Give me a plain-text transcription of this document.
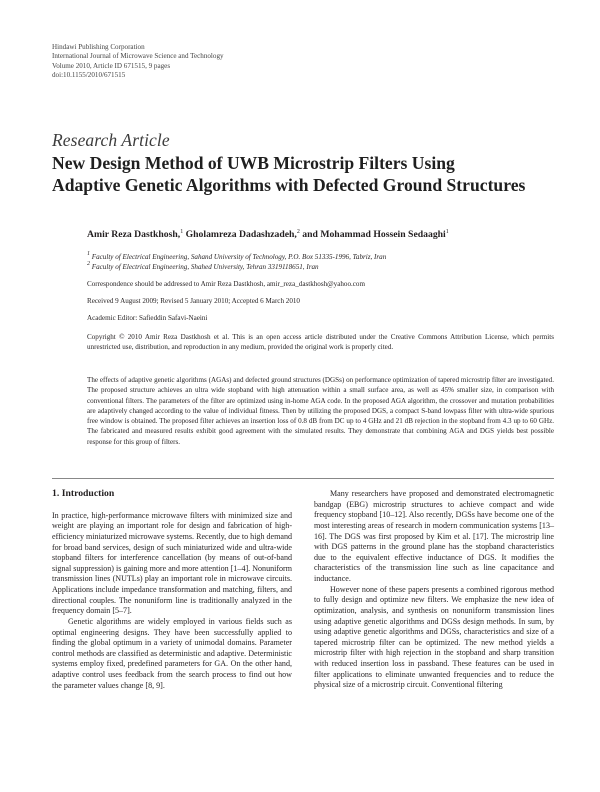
Hindawi Publishing Corporation
International Journal of Microwave Science and Technology
Volume 2010, Article ID 671515, 9 pages
doi:10.1155/2010/671515
Research Article
New Design Method of UWB Microstrip Filters Using
Adaptive Genetic Algorithms with Defected Ground Structures
Amir Reza Dastkhosh,$^1$ Gholamreza Dadashzadeh,$^2$ and Mohammad Hossein Sedaaghi$^1$
$^1$ Faculty of Electrical Engineering, Sahand University of Technology, P.O. Box 51335-1996, Tabriz, Iran
$^2$ Faculty of Electrical Engineering, Shahed University, Tehran 3319118651, Iran
Correspondence should be addressed to Amir Reza Dastkhosh, amir_reza_dastkhosh@yahoo.com
Received 9 August 2009; Revised 5 January 2010; Accepted 6 March 2010
Academic Editor: Safieddin Safavi-Naeini
Copyright © 2010 Amir Reza Dastkhosh et al. This is an open access article distributed under the Creative Commons Attribution License, which permits unrestricted use, distribution, and reproduction in any medium, provided the original work is properly cited.
The effects of adaptive genetic algorithms (AGAs) and defected ground structures (DGSs) on performance optimization of tapered microstrip filter are investigated. The proposed structure achieves an ultra wide stopband with high attenuation within a small surface area, as well as 45% smaller size, in comparison with conventional filters. The parameters of the filter are optimized using in-home AGA code. In the proposed AGA algorithm, the crossover and mutation probabilities are adaptively changed according to the value of individual fitness. Then by utilizing the proposed DGS, a compact S-band lowpass filter with ultra-wide spurious free window is obtained. The proposed filter achieves an insertion loss of 0.8 dB from DC up to 4 GHz and 21 dB rejection in the stopband from 4.3 up to 60 GHz. The fabricated and measured results exhibit good agreement with the simulated results. They demonstrate that combining AGA and DGS yields best possible response for this group of filters.

1. Introduction

In practice, high-performance microwave filters with minimized size and weight are playing an important role for design and fabrication of high-efficiency miniaturized microwave systems. Recently, due to high demand for broad band services, design of such miniaturized wide and ultra-wide stopband filters for interference cancellation (by means of out-of-band signal suppression) is gaining more and more attention [1–4]. Nonuniform transmission lines (NUTLs) play an important role in microwave circuits. Applications include impedance transformation and matching, filters, and directional couples. The nonuniform line is traditionally analyzed in the frequency domain [5–7].

Genetic algorithms are widely employed in various fields such as optimal engineering designs. They have been successfully applied to finding the global optimum in a variety of unimodal domains. Parameter control methods are classified as deterministic and adaptive. Deterministic systems employ fixed, predefined parameters for GA. On the other hand, adaptive control uses feedback from the search process to find out how the parameter values change [8, 9].

Many researchers have proposed and demonstrated electromagnetic bandgap (EBG) microstrip structures to achieve compact and wide frequency stopband [10–12]. Also recently, DGSs have become one of the most interesting areas of research in modern communication systems [13–16]. The DGS was first proposed by Kim et al. [17]. The microstrip line with DGS patterns in the ground plane has the stopband characteristics due to the equivalent effective inductance of DGS. It modifies the characteristics of the transmission line such as line capacitance and inductance.

However none of these papers presents a combined rigorous method to fully design and optimize new filters. We emphasize the new idea of optimization, analysis, and synthesis on nonuniform transmission lines using adaptive genetic algorithms and DGSs design methods. In sum, by using adaptive genetic algorithms and DGSs, characteristics and size of a tapered microstrip filter can be optimized. The new method yields a microstrip filter with high rejection in the stopband and sharp transition with reduced insertion loss in passband. These features can be used in filter applications to eliminate unwanted frequencies and to reduce the physical size of a microstrip circuit. Conventional filtering
